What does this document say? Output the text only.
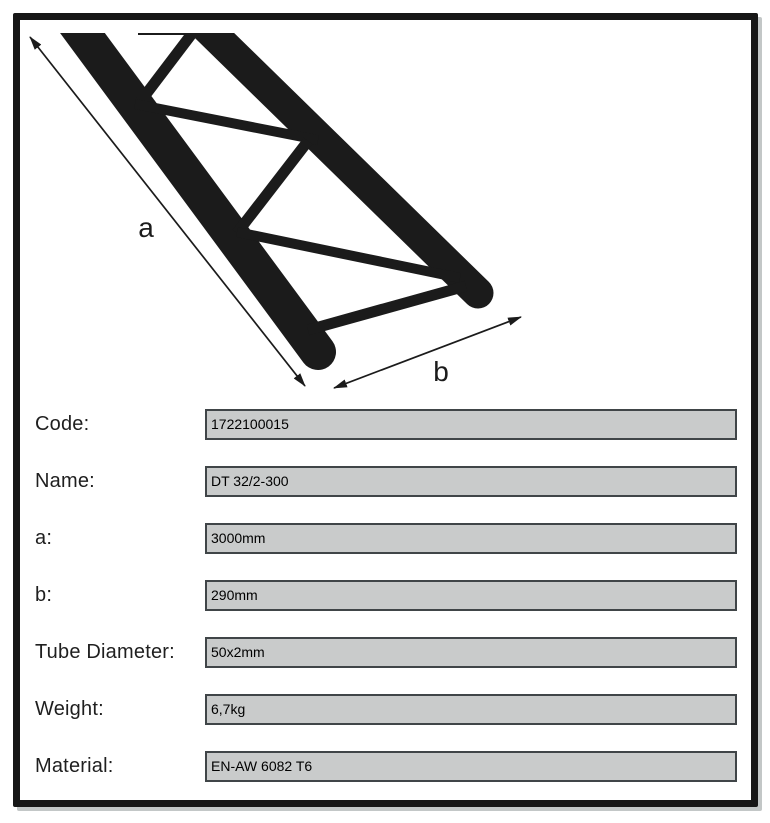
a
b
Code:	1722100015
Name:	DT 32/2-300
a:	3000mm
b:	290mm
Tube Diameter:	50x2mm
Weight:	6,7kg
Material:	EN-AW 6082 T6
